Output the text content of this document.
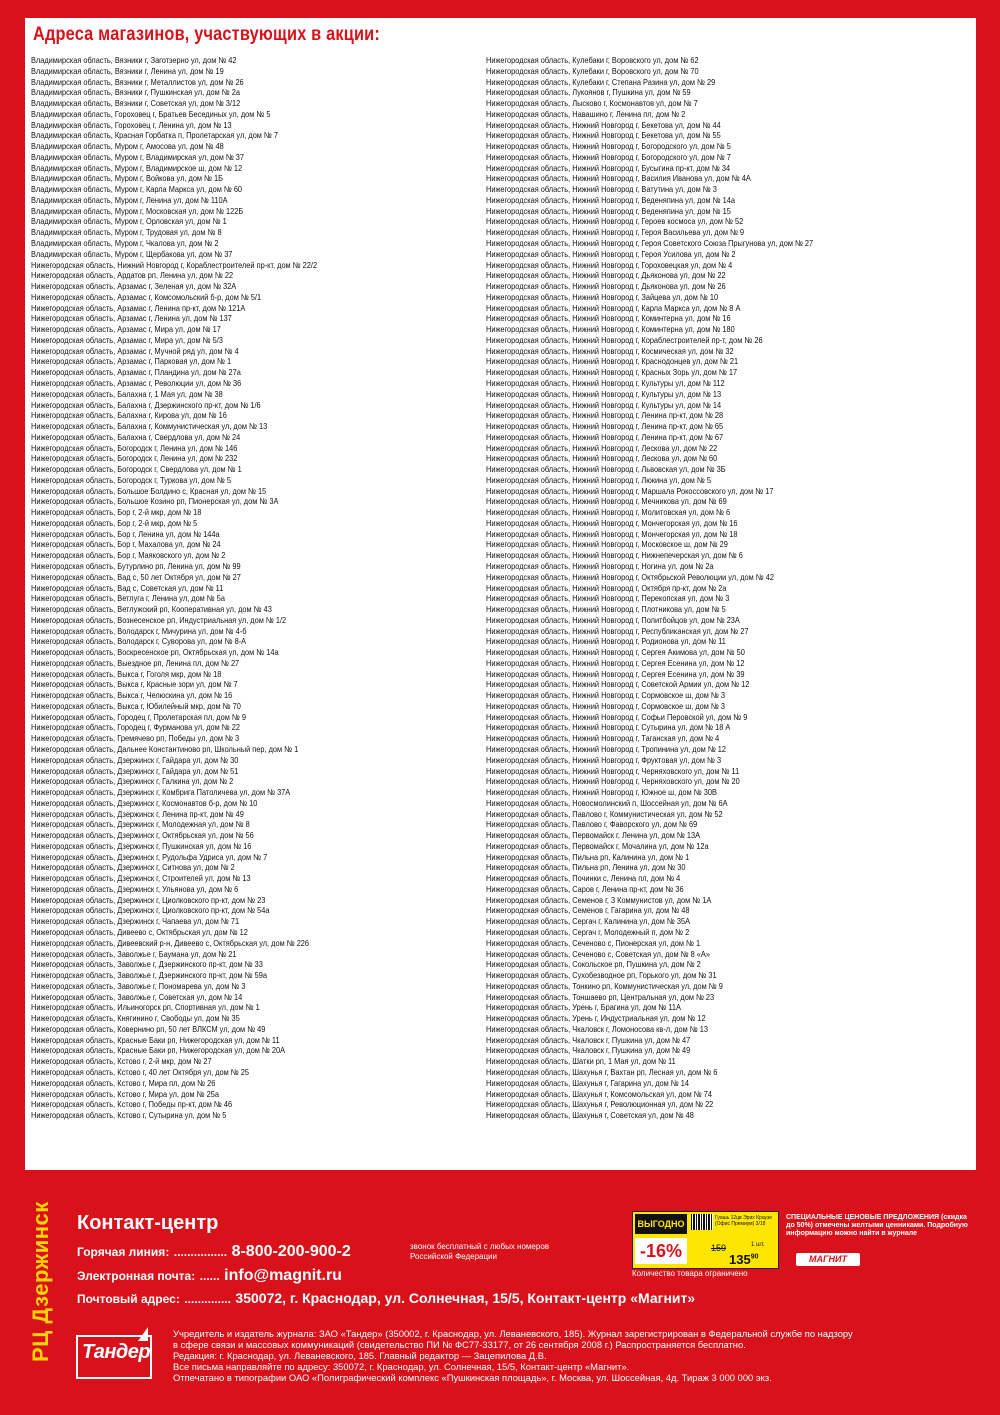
Адреса магазинов, участвующих в акции:
Владимирская область, Вязники г, Заготзерно ул, дом № 42
Владимирская область, Вязники г, Ленина ул, дом № 19
Владимирская область, Вязники г, Металлистов ул, дом № 26
Владимирская область, Вязники г, Пушкинская ул, дом № 2а
Владимирская область, Вязники г, Советская ул, дом № 3/12
Владимирская область, Гороховец г, Братьев Бесединых ул, дом № 5
Владимирская область, Гороховец г, Ленина ул, дом № 13
Владимирская область, Красная Горбатка п, Пролетарская ул, дом № 7
Владимирская область, Муром г, Амосова ул, дом № 48
Владимирская область, Муром г, Владимирская ул, дом № 37
Владимирская область, Муром г, Владимирское ш, дом № 12
Владимирская область, Муром г, Войкова ул, дом № 1Б
Владимирская область, Муром г, Карла Маркса ул, дом № 60
Владимирская область, Муром г, Ленина ул, дом № 110А
Владимирская область, Муром г, Московская ул, дом № 122Б
Владимирская область, Муром г, Орловская ул, дом № 1
Владимирская область, Муром г, Трудовая ул, дом № 8
Владимирская область, Муром г, Чкалова ул, дом № 2
Владимирская область, Муром г, Щербакова ул, дом № 37
Нижегородская область, Нижний Новгород г, Кораблестроителей пр-кт, дом № 22/2
Нижегородская область, Ардатов рп, Ленина ул, дом № 22
Нижегородская область, Арзамас г, Зеленая ул, дом № 32А
Нижегородская область, Арзамас г, Комсомольский б-р, дом № 5/1
Нижегородская область, Арзамас г, Ленина пр-кт, дом № 121А
Нижегородская область, Арзамас г, Ленина ул, дом № 137
Нижегородская область, Арзамас г, Мира ул, дом № 17
Нижегородская область, Арзамас г, Мира ул, дом № 5/3
Нижегородская область, Арзамас г, Мучной ряд ул, дом № 4
Нижегородская область, Арзамас г, Парковая ул, дом № 1
Нижегородская область, Арзамас г, Пландина ул, дом № 27а
Нижегородская область, Арзамас г, Революции ул, дом № 36
Нижегородская область, Балахна г, 1 Мая ул, дом № 38
Нижегородская область, Балахна г, Дзержинского пр-кт, дом № 1/6
Нижегородская область, Балахна г, Кирова ул, дом № 16
Нижегородская область, Балахна г, Коммунистическая ул, дом № 13
Нижегородская область, Балахна г, Свердлова ул, дом № 24
Нижегородская область, Богородск г, Ленина ул, дом № 146
Нижегородская область, Богородск г, Ленина ул, дом № 232
Нижегородская область, Богородск г, Свердлова ул, дом № 1
Нижегородская область, Богородск г, Туркова ул, дом № 5
Нижегородская область, Большое Болдино с, Красная ул, дом № 15
Нижегородская область, Большое Козино рп, Пионерская ул, дом № 3А
Нижегородская область, Бор г, 2-й мкр, дом № 18
Нижегородская область, Бор г, 2-й мкр, дом № 5
Нижегородская область, Бор г, Ленина ул, дом № 144а
Нижегородская область, Бор г, Махалова ул, дом № 24
Нижегородская область, Бор г, Маяковского ул, дом № 2
Нижегородская область, Бутурлино рп, Ленина ул, дом № 99
Нижегородская область, Вад с, 50 лет Октября ул, дом № 27
Нижегородская область, Вад с, Советская ул, дом № 11
Нижегородская область, Ветлуга г, Ленина ул, дом № 5а
Нижегородская область, Ветлужский рп, Кооперативная ул, дом № 43
Нижегородская область, Вознесенское рп, Индустриальная ул, дом № 1/2
Нижегородская область, Володарск г, Мичурина ул, дом № 4-б
Нижегородская область, Володарск г, Суворова ул, дом № 8-А
Нижегородская область, Воскресенское рп, Октябрьская ул, дом № 14а
Нижегородская область, Выездное рп, Ленина пл, дом № 27
Нижегородская область, Выкса г, Гоголя мкр, дом № 18
Нижегородская область, Выкса г, Красные зори ул, дом № 7
Нижегородская область, Выкса г, Челюскина ул, дом № 16
Нижегородская область, Выкса г, Юбилейный мкр, дом № 70
Нижегородская область, Городец г, Пролетарская пл, дом № 9
Нижегородская область, Городец г, Фурманова ул, дом № 22
Нижегородская область, Гремячево рп, Победы ул, дом № 3
Нижегородская область, Дальнее Константиново рп, Школьный пер, дом № 1
Нижегородская область, Дзержинск г, Гайдара ул, дом № 30
Нижегородская область, Дзержинск г, Гайдара ул, дом № 51
Нижегородская область, Дзержинск г, Галкина ул, дом № 2
Нижегородская область, Дзержинск г, Комбрига Патоличева ул, дом № 37А
Нижегородская область, Дзержинск г, Космонавтов б-р, дом № 10
Нижегородская область, Дзержинск г, Ленина пр-кт, дом № 49
Нижегородская область, Дзержинск г, Молодежная ул, дом № 8
Нижегородская область, Дзержинск г, Октябрьская ул, дом № 56
Нижегородская область, Дзержинск г, Пушкинская ул, дом № 16
Нижегородская область, Дзержинск г, Рудольфа Удриса ул, дом № 7
Нижегородская область, Дзержинск г, Ситнова ул, дом № 2
Нижегородская область, Дзержинск г, Строителей ул, дом № 13
Нижегородская область, Дзержинск г, Ульянова ул, дом № 6
Нижегородская область, Дзержинск г, Циолковского пр-кт, дом № 23
Нижегородская область, Дзержинск г, Циолковского пр-кт, дом № 54а
Нижегородская область, Дзержинск г, Чапаева ул, дом № 71
Нижегородская область, Дивеево с, Октябрьская ул, дом № 12
Нижегородская область, Дивеевский р-н, Дивеево с, Октябрьская ул, дом № 226
Нижегородская область, Заволжье г, Баумана ул, дом № 21
Нижегородская область, Заволжье г, Дзержинского пр-кт, дом № 33
Нижегородская область, Заволжье г, Дзержинского пр-кт, дом № 59а
Нижегородская область, Заволжье г, Пономарева ул, дом № 3
Нижегородская область, Заволжье г, Советская ул, дом № 14
Нижегородская область, Ильиногорск рп, Спортивная ул, дом № 1
Нижегородская область, Княгинино г, Свободы ул, дом № 35
Нижегородская область, Ковернино рп, 50 лет ВЛКСМ ул, дом № 49
Нижегородская область, Красные Баки рп, Нижегородская ул, дом № 11
Нижегородская область, Красные Баки рп, Нижегородская ул, дом № 20А
Нижегородская область, Кстово г, 2-й мкр, дом № 27
Нижегородская область, Кстово г, 40 лет Октября ул, дом № 25
Нижегородская область, Кстово г, Мира пл, дом № 26
Нижегородская область, Кстово г, Мира ул, дом № 25а
Нижегородская область, Кстово г, Победы пр-кт, дом № 46
Нижегородская область, Кстово г, Сутырина ул, дом № 5
Нижегородская область, Кулебаки г, Воровского ул, дом № 62
Нижегородская область, Кулебаки г, Воровского ул, дом № 70
Нижегородская область, Кулебаки г, Степана Разина ул, дом № 29
Нижегородская область, Лукоянов г, Пушкина ул, дом № 59
Нижегородская область, Лысково г, Космонавтов ул, дом № 7
Нижегородская область, Навашино г, Ленина пл, дом № 2
Нижегородская область, Нижний Новгород г, Бекетова ул, дом № 44
Нижегородская область, Нижний Новгород г, Бекетова ул, дом № 55
Нижегородская область, Нижний Новгород г, Богородского ул, дом № 5
Нижегородская область, Нижний Новгород г, Богородского ул, дом № 7
Нижегородская область, Нижний Новгород г, Бусыгина пр-кт, дом № 34
Нижегородская область, Нижний Новгород г, Василия Иванова ул, дом № 4А
Нижегородская область, Нижний Новгород г, Ватутина ул, дом № 3
Нижегородская область, Нижний Новгород г, Веденяпина ул, дом № 14а
Нижегородская область, Нижний Новгород г, Веденяпина ул, дом № 15
Нижегородская область, Нижний Новгород г, Героев космоса ул, дом № 52
Нижегородская область, Нижний Новгород г, Героя Васильева ул, дом № 9
Нижегородская область, Нижний Новгород г, Героя Советского Союза Прыгунова ул, дом № 27
Нижегородская область, Нижний Новгород г, Героя Усилова ул, дом № 2
Нижегородская область, Нижний Новгород г, Гороховецкая ул, дом № 4
Нижегородская область, Нижний Новгород г, Дьяконова ул, дом № 22
Нижегородская область, Нижний Новгород г, Дьяконова ул, дом № 26
Нижегородская область, Нижний Новгород г, Зайцева ул, дом № 10
Нижегородская область, Нижний Новгород г, Карла Маркса ул, дом № 8 А
Нижегородская область, Нижний Новгород г, Коминтерна ул, дом № 16
Нижегородская область, Нижний Новгород г, Коминтерна ул, дом № 180
Нижегородская область, Нижний Новгород г, Кораблестроителей пр-т, дом № 26
Нижегородская область, Нижний Новгород г, Космическая ул, дом № 32
Нижегородская область, Нижний Новгород г, Краснодонцев ул, дом № 21
Нижегородская область, Нижний Новгород г, Красных Зорь ул, дом № 17
Нижегородская область, Нижний Новгород г, Культуры ул, дом № 112
Нижегородская область, Нижний Новгород г, Культуры ул, дом № 13
Нижегородская область, Нижний Новгород г, Культуры ул, дом № 14
Нижегородская область, Нижний Новгород г, Ленина пр-кт, дом № 28
Нижегородская область, Нижний Новгород г, Ленина пр-кт, дом № 65
Нижегородская область, Нижний Новгород г, Ленина пр-кт, дом № 67
Нижегородская область, Нижний Новгород г, Лескова ул, дом № 22
Нижегородская область, Нижний Новгород г, Лескова ул, дом № 60
Нижегородская область, Нижний Новгород г, Львовская ул, дом № 3Б
Нижегородская область, Нижний Новгород г, Люкина ул, дом № 5
Нижегородская область, Нижний Новгород г, Маршала Рокоссовского ул, дом № 17
Нижегородская область, Нижний Новгород г, Мечникова ул, дом № 69
Нижегородская область, Нижний Новгород г, Молитовская ул, дом № 6
Нижегородская область, Нижний Новгород г, Мончегорская ул, дом № 16
Нижегородская область, Нижний Новгород г, Мончегорская ул, дом № 18
Нижегородская область, Нижний Новгород г, Московское ш, дом № 29
Нижегородская область, Нижний Новгород г, Нижнепечерская ул, дом № 6
Нижегородская область, Нижний Новгород г, Ногина ул, дом № 2а
Нижегородская область, Нижний Новгород г, Октябрьской Революции ул, дом № 42
Нижегородская область, Нижний Новгород г, Октября пр-кт, дом № 2а
Нижегородская область, Нижний Новгород г, Перекопская ул, дом № 3
Нижегородская область, Нижний Новгород г, Плотникова ул, дом № 5
Нижегородская область, Нижний Новгород г, Политбойцов ул, дом № 23А
Нижегородская область, Нижний Новгород г, Республиканская ул, дом № 27
Нижегородская область, Нижний Новгород г, Родионова ул, дом № 11
Нижегородская область, Нижний Новгород г, Сергея Акимова ул, дом № 50
Нижегородская область, Нижний Новгород г, Сергея Есенина ул, дом № 12
Нижегородская область, Нижний Новгород г, Сергея Есенина ул, дом № 39
Нижегородская область, Нижний Новгород г, Советской Армии ул, дом № 12
Нижегородская область, Нижний Новгород г, Сормовское ш, дом № 3
Нижегородская область, Нижний Новгород г, Сормовское ш, дом № 3
Нижегородская область, Нижний Новгород г, Софьи Перовской ул, дом № 9
Нижегородская область, Нижний Новгород г, Сутырина ул, дом № 18 А
Нижегородская область, Нижний Новгород г, Таганская ул, дом № 4
Нижегородская область, Нижний Новгород г, Тропинина ул, дом № 12
Нижегородская область, Нижний Новгород г, Фруктовая ул, дом № 3
Нижегородская область, Нижний Новгород г, Черняховского ул, дом № 11
Нижегородская область, Нижний Новгород г, Черняховского ул, дом № 20
Нижегородская область, Нижний Новгород г, Южное ш, дом № 30В
Нижегородская область, Новосмолинский п, Шоссейная ул, дом № 6А
Нижегородская область, Павлово г, Коммунистическая ул, дом № 52
Нижегородская область, Павлово г, Фаворского ул, дом № 69
Нижегородская область, Первомайск г, Ленина ул, дом № 13А
Нижегородская область, Первомайск г, Мочалина ул, дом № 12а
Нижегородская область, Пильна рп, Калинина ул, дом № 1
Нижегородская область, Пильна рп, Ленина ул, дом № 30
Нижегородская область, Починки с, Ленина пл, дом № 4
Нижегородская область, Саров г, Ленина пр-кт, дом № 36
Нижегородская область, Семенов г, 3 Коммунистов ул, дом № 1А
Нижегородская область, Семенов г, Гагарина ул, дом № 48
Нижегородская область, Сергач г, Калинина ул, дом № 35А
Нижегородская область, Сергач г, Молодежный п, дом № 2
Нижегородская область, Сеченово с, Пионерская ул, дом № 1
Нижегородская область, Сеченово с, Советская ул, дом № 8 «А»
Нижегородская область, Сокольское рп, Пушкина ул, дом № 2
Нижегородская область, Сухобезводное рп, Горького ул, дом № 31
Нижегородская область, Тонкино рп, Коммунистическая ул, дом № 9
Нижегородская область, Тоншаево рп, Центральная ул, дом № 23
Нижегородская область, Урень г, Брагина ул, дом № 11А
Нижегородская область, Урень г, Индустриальная ул, дом № 12
Нижегородская область, Чкаловск г, Ломоносова кв-л, дом № 13
Нижегородская область, Чкаловск г, Пушкина ул, дом № 47
Нижегородская область, Чкаловск г, Пушкина ул, дом № 49
Нижегородская область, Шатки рп, 1 Мая ул, дом № 11
Нижегородская область, Шахунья г, Вахтан рп, Лесная ул, дом № 6
Нижегородская область, Шахунья г, Гагарина ул, дом № 14
Нижегородская область, Шахунья г, Комсомольская ул, дом № 74
Нижегородская область, Шахунья г, Революционная ул, дом № 22
Нижегородская область, Шахунья г, Советская ул, дом № 48
РЦ Дзержинск Контакт-центр
Горячая линия: ................ 8-800-200-900-2	звонок бесплатный с любых номеров Российской Федерации
Электронная почта: ...... info@magnit.ru
Почтовый адрес: .............. 350072, г. Краснодар, ул. Солнечная, 15/5, Контакт-центр «Магнит»
ВЫГОДНО
-16%
Гуашь 12цв Эрих Краузе (Офис Премиум) 3/18
159
$135^{90}$
1 шт.
Количество товара ограничено
СПЕЦИАЛЬНЫЕ ЦЕНОВЫЕ ПРЕДЛОЖЕНИЯ (скидка до 50%) отмечены желтыми ценниками. Подробную информацию можно найти в журнале
МАГНИТ
Тандер
Учредитель и издатель журнала: ЗАО «Тандер» (350002, г. Краснодар, ул. Леваневского, 185). Журнал зарегистрирован в Федеральной службе по надзору
в сфере связи и массовых коммуникаций (свидетельство ПИ № ФС77-33177, от 26 сентября 2008 г.) Распространяется бесплатно.
Редакция: г. Краснодар, ул. Леваневского, 185. Главный редактор — Зацепилова Д.В.
Все письма направляйте по адресу: 350072, г. Краснодар, ул. Солнечная, 15/5, Контакт-центр «Магнит».
Отпечатано в типографии ОАО «Полиграфический комплекс «Пушкинская площадь», г. Москва, ул. Шоссейная, 4д. Тираж 3 000 000 экз.
